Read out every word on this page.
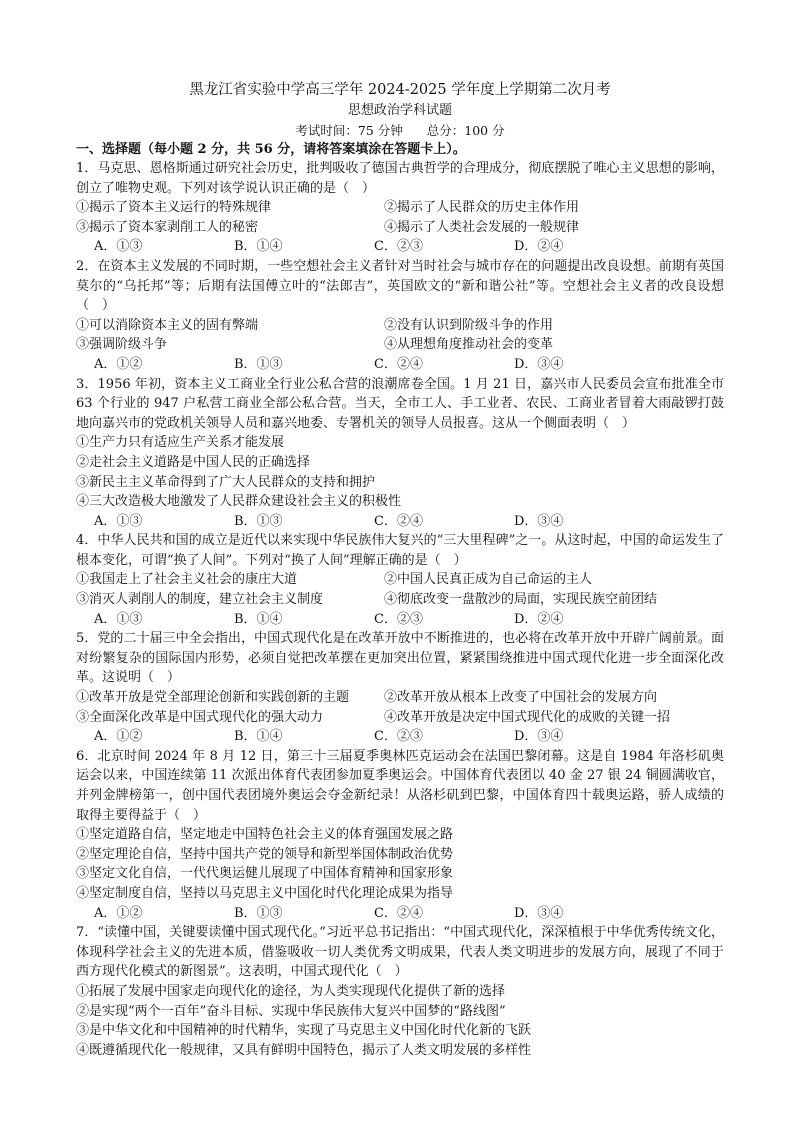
黑龙江省实验中学高三学年 2024-2025 学年度上学期第二次月考
思想政治学科试题
考试时间：75 分钟 总分：100 分
一、选择题（每小题 2 分，共 56 分，请将答案填涂在答题卡上）。
1．马克思、恩格斯通过研究社会历史，批判吸收了德国古典哲学的合理成分，彻底摆脱了唯心主义思想的影响，创立了唯物史观。下列对该学说认识正确的是（　）
①揭示了资本主义运行的特殊规律	②揭示了人民群众的历史主体作用
③揭示了资本家剥削工人的秘密	④揭示了人类社会发展的一般规律
A．①③	B．①④	C．②③	D．②④
2．在资本主义发展的不同时期，一些空想社会主义者针对当时社会与城市存在的问题提出改良设想。前期有英国莫尔的“乌托邦”等；后期有法国傅立叶的“法郎吉”，英国欧文的“新和谐公社”等。空想社会主义者的改良设想（　）
①可以消除资本主义的固有弊端	②没有认识到阶级斗争的作用
③强调阶级斗争	④从理想角度推动社会的变革
A．①②	B．①③	C．②④	D．③④
3．1956 年初，资本主义工商业全行业公私合营的浪潮席卷全国。1 月 21 日，嘉兴市人民委员会宣布批准全市 63 个行业的 947 户私营工商业全部公私合营。当天，全市工人、手工业者、农民、工商业者冒着大雨敲锣打鼓地向嘉兴市的党政机关领导人员和嘉兴地委、专署机关的领导人员报喜。这从一个侧面表明（　）
①生产力只有适应生产关系才能发展
②走社会主义道路是中国人民的正确选择
③新民主主义革命得到了广大人民群众的支持和拥护
④三大改造极大地激发了人民群众建设社会主义的积极性
A．①③	B．①③	C．②④	D．③④
4．中华人民共和国的成立是近代以来实现中华民族伟大复兴的“三大里程碑”之一。从这时起，中国的命运发生了根本变化，可谓“换了人间”。下列对“换了人间”理解正确的是（　）
①我国走上了社会主义社会的康庄大道	②中国人民真正成为自己命运的主人
③消灭人剥削人的制度，建立社会主义制度	④彻底改变一盘散沙的局面，实现民族空前团结
A．①③	B．①④	C．②③	D．②④
5．党的二十届三中全会指出，中国式现代化是在改革开放中不断推进的，也必将在改革开放中开辟广阔前景。面对纷繁复杂的国际国内形势，必须自觉把改革摆在更加突出位置，紧紧围绕推进中国式现代化进一步全面深化改革。这说明（　）
①改革开放是党全部理论创新和实践创新的主题	②改革开放从根本上改变了中国社会的发展方向
③全面深化改革是中国式现代化的强大动力	④改革开放是决定中国式现代化的成败的关键一招
A．①②	B．①④	C．②③	D．③④
6．北京时间 2024 年 8 月 12 日，第三十三届夏季奥林匹克运动会在法国巴黎闭幕。这是自 1984 年洛杉矶奥运会以来，中国连续第 11 次派出体育代表团参加夏季奥运会。中国体育代表团以 40 金 27 银 24 铜圆满收官，并列金牌榜第一，创中国代表团境外奥运会夺金新纪录！从洛杉矶到巴黎，中国体育四十载奥运路，骄人成绩的取得主要得益于（　）
①坚定道路自信，坚定地走中国特色社会主义的体育强国发展之路
②坚定理论自信，坚持中国共产党的领导和新型举国体制政治优势
③坚定文化自信，一代代奥运健儿展现了中国体育精神和国家形象
④坚定制度自信，坚持以马克思主义中国化时代化理论成果为指导
A．①②	B．①③	C．②④	D．③④
7．“读懂中国，关键要读懂中国式现代化。”习近平总书记指出：“中国式现代化，深深植根于中华优秀传统文化，体现科学社会主义的先进本质，借鉴吸收一切人类优秀文明成果，代表人类文明进步的发展方向，展现了不同于西方现代化模式的新图景”。这表明，中国式现代化（　）
①拓展了发展中国家走向现代化的途径，为人类实现现代化提供了新的选择
②是实现“两个一百年”奋斗目标、实现中华民族伟大复兴中国梦的“路线图”
③是中华文化和中国精神的时代精华，实现了马克思主义中国化时代化新的飞跃
④既遵循现代化一般规律，又具有鲜明中国特色，揭示了人类文明发展的多样性
